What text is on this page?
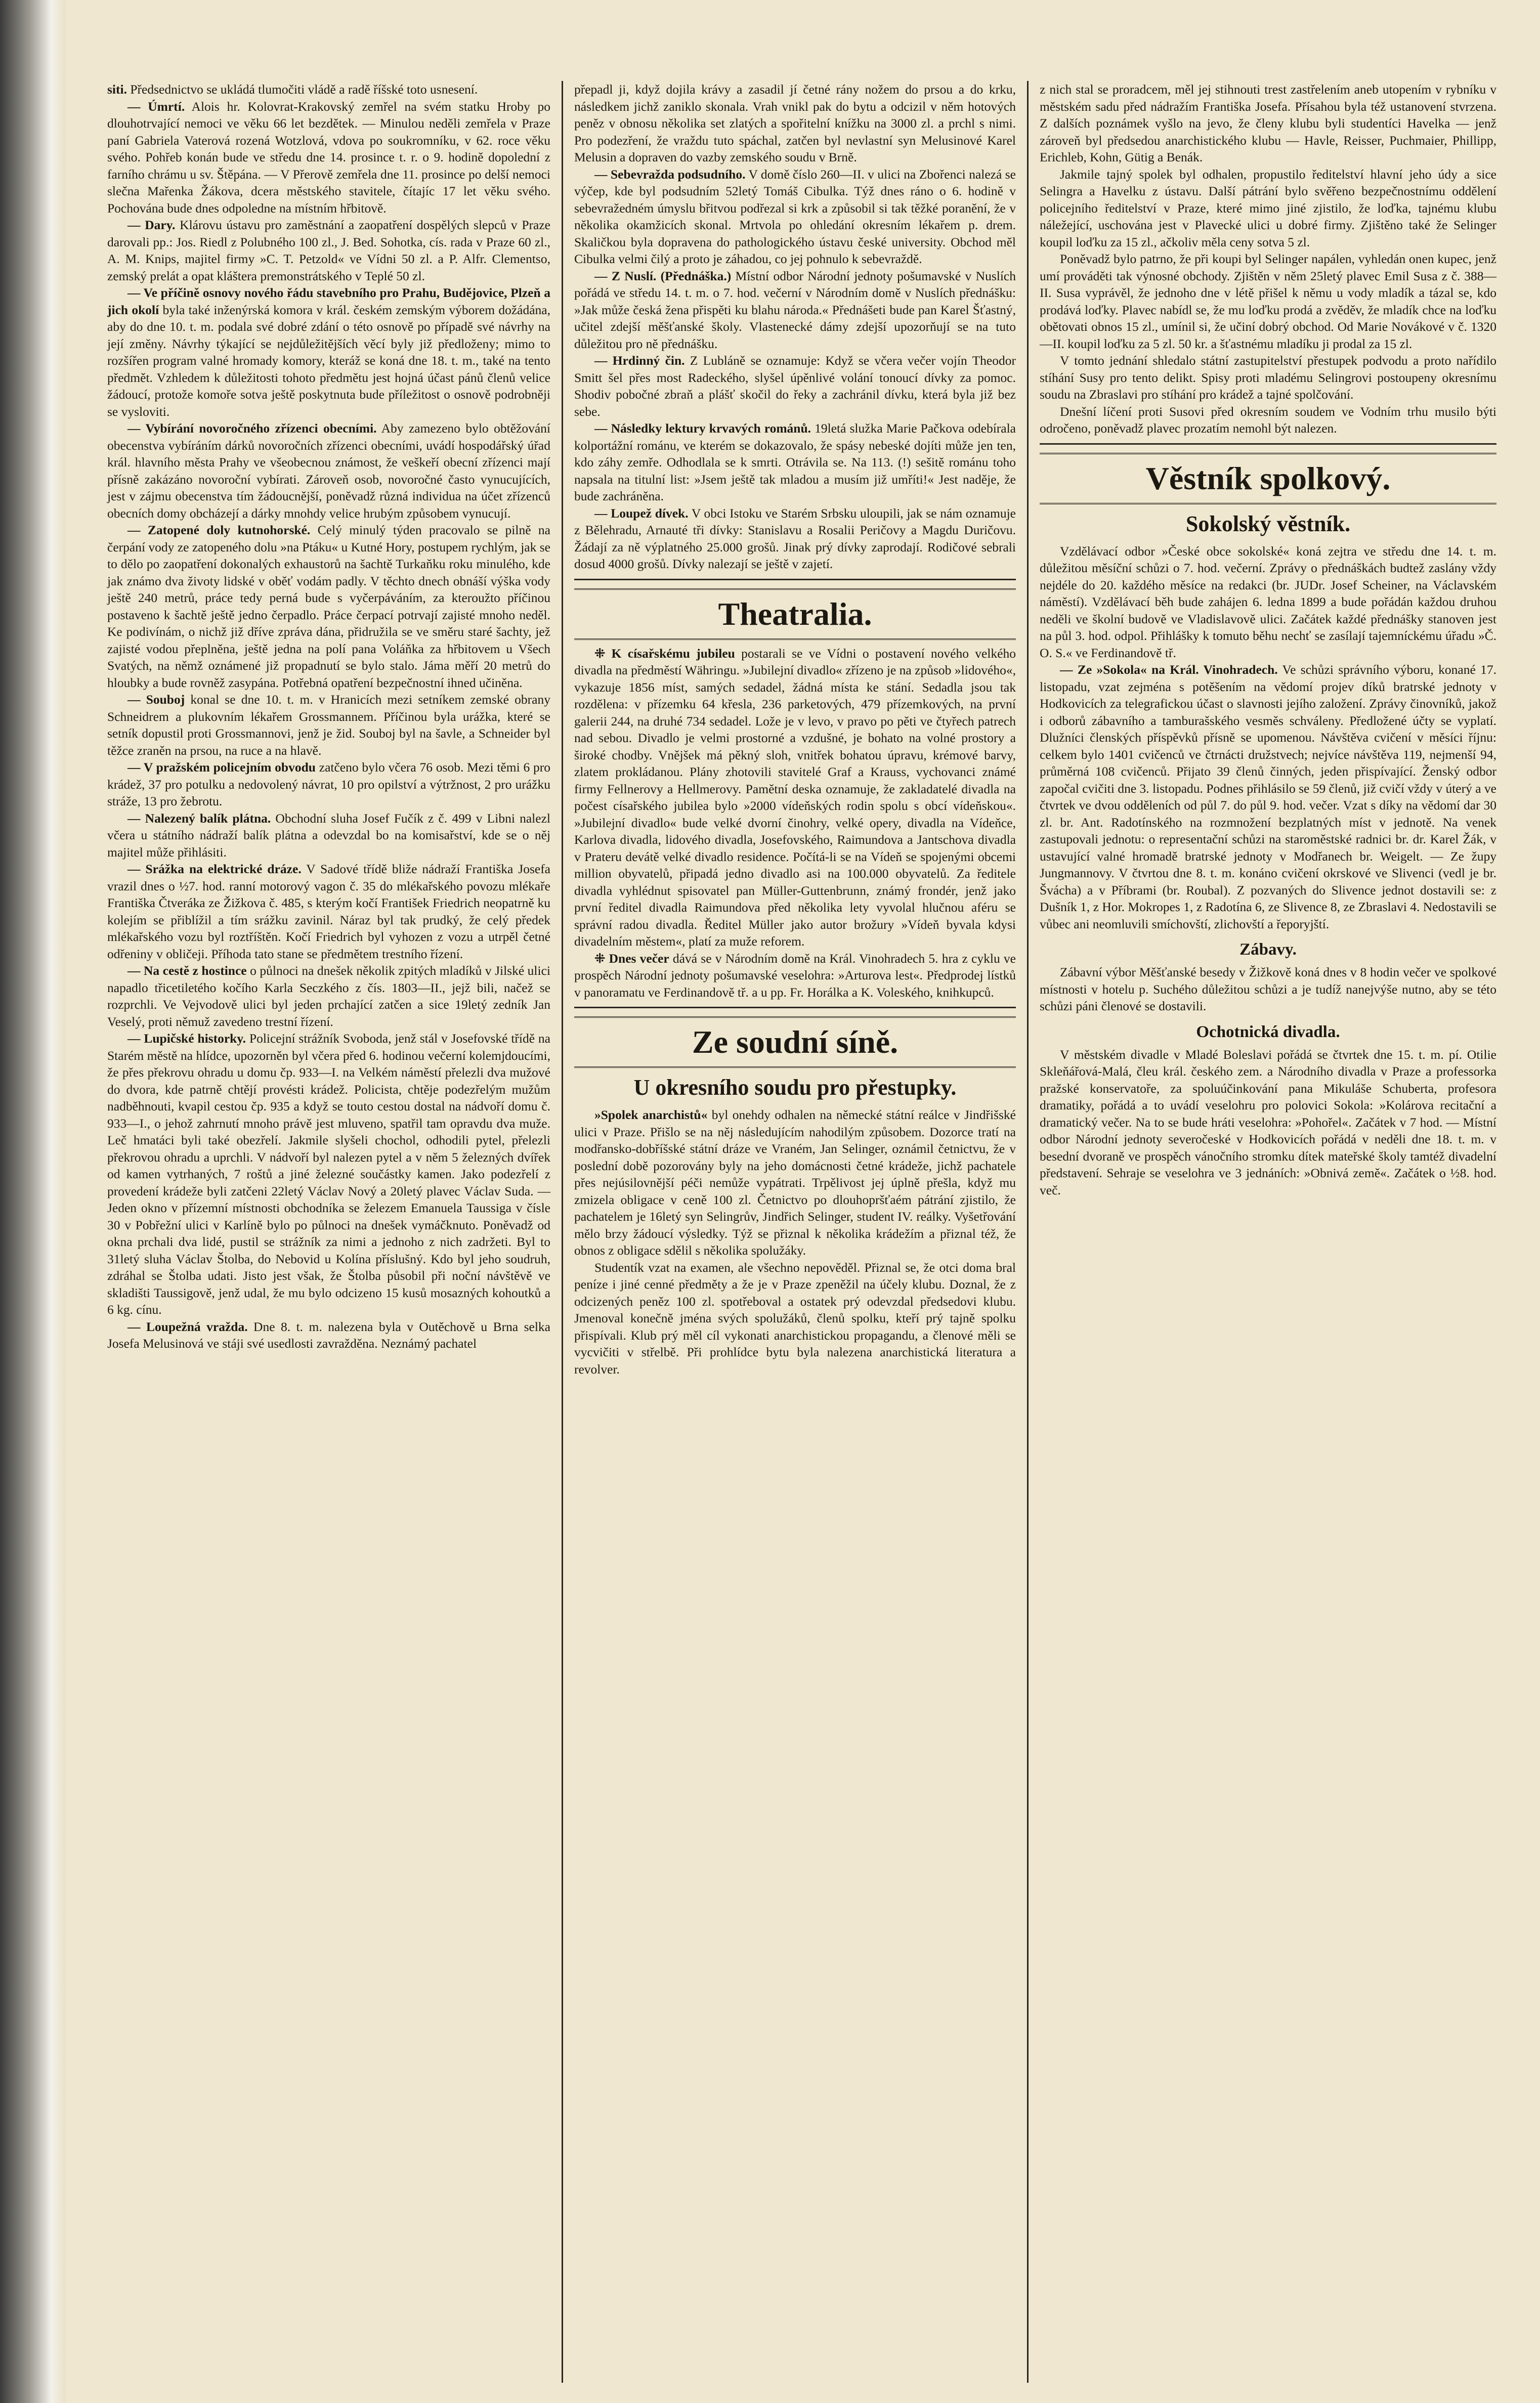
siti. Předsednictvo se ukládá tlumočiti vládě a radě říšské toto usnesení.

— Úmrtí. Alois hr. Kolovrat-Krakovský zemřel na svém statku Hroby po dlouhotrvající nemoci ve věku 66 let bezdětek. — Minulou neděli zemřela v Praze paní Gabriela Vaterová rozená Wotzlová, vdova po soukromníku, v 62. roce věku svého. Pohřeb konán bude ve středu dne 14. prosince t. r. o 9. hodině dopolední z farního chrámu u sv. Štěpána. — V Přerově zemřela dne 11. prosince po delší nemoci slečna Mařenka Žákova, dcera městského stavitele, čítajíc 17 let věku svého. Pochována bude dnes odpoledne na místním hřbitově.

— Dary. Klárovu ústavu pro zaměstnání a zaopatření dospělých slepců v Praze darovali pp.: Jos. Riedl z Polubného 100 zl., J. Bed. Sohotka, cís. rada v Praze 60 zl., A. M. Knips, majitel firmy »C. T. Petzold« ve Vídni 50 zl. a P. Alfr. Clementso, zemský prelát a opat kláštera premonstrátského v Teplé 50 zl.

— Ve příčině osnovy nového řádu stavebního pro Prahu, Budějovice, Plzeň a jich okolí byla také inženýrská komora v král. českém zemským výborem dožádána, aby do dne 10. t. m. podala své dobré zdání o této osnově po případě své návrhy na její změny. Návrhy týkající se nejdůležitějších věcí byly již předloženy; mimo to rozšířen program valné hromady komory, kteráž se koná dne 18. t. m., také na tento předmět. Vzhledem k důležitosti tohoto předmětu jest hojná účast pánů členů velice žádoucí, protože komoře sotva ještě poskytnuta bude příležitost o osnově podrobněji se vysloviti.

— Vybírání novoročného zřízenci obecními. Aby zamezeno bylo obtěžování obecenstva vybíráním dárků novoročních zřízenci obecními, uvádí hospodářský úřad král. hlavního města Prahy ve všeobecnou známost, že veškeří obecní zřízenci mají přísně zakázáno novoroční vybírati. Zároveň osob, novoročné často vynucujících, jest v zájmu obecenstva tím žádoucnější, poněvadž různá individua na účet zřízenců obecních domy obcházejí a dárky mnohdy velice hrubým způsobem vynucují.

— Zatopené doly kutnohorské. Celý minulý týden pracovalo se pilně na čerpání vody ze zatopeného dolu »na Ptáku« u Kutné Hory, postupem rychlým, jak se to dělo po zaopatření dokonalých exhaustorů na šachtě Turkaňku roku minulého, kde jak známo dva životy lidské v oběť vodám padly. V těchto dnech obnáší výška vody ještě 240 metrů, práce tedy perná bude s vyčerpáváním, za kteroužto příčinou postaveno k šachtě ještě jedno čerpadlo. Práce čerpací potrvají zajisté mnoho neděl. Ke podivínám, o nichž již dříve zpráva dána, přidružila se ve směru staré šachty, jež zajisté vodou přeplněna, ještě jedna na polí pana Voláňka za hřbitovem u Všech Svatých, na němž oznámené již propadnutí se bylo stalo. Jáma měří 20 metrů do hloubky a bude rovněž zasypána. Potřebná opatření bezpečnostní ihned učiněna.

— Souboj konal se dne 10. t. m. v Hranicích mezi setníkem zemské obrany Schneidrem a plukovním lékařem Grossmannem. Příčinou byla urážka, které se setník dopustil proti Grossmannovi, jenž je žid. Souboj byl na šavle, a Schneider byl těžce zraněn na prsou, na ruce a na hlavě.

— V pražském policejním obvodu zatčeno bylo včera 76 osob. Mezi těmi 6 pro krádež, 37 pro potulku a nedovolený návrat, 10 pro opilství a výtržnost, 2 pro urážku stráže, 13 pro žebrotu.

— Nalezený balík plátna. Obchodní sluha Josef Fučík z č. 499 v Libni nalezl včera u státního nádraží balík plátna a odevzdal bo na komisařství, kde se o něj majitel může přihlásiti.

— Srážka na elektrické dráze. V Sadové třídě bliže nádraží Františka Josefa vrazil dnes o ½7. hod. ranní motorový vagon č. 35 do mlékařského povozu mlékaře Františka Čtveráka ze Žižkova č. 485, s kterým kočí František Friedrich neopatrně ku kolejím se přiblížil a tím srážku zavinil. Náraz byl tak prudký, že celý předek mlékařského vozu byl roztříštěn. Kočí Friedrich byl vyhozen z vozu a utrpěl četné odřeniny v obličeji. Příhoda tato stane se předmětem trestního řízení.

— Na cestě z hostince o půlnoci na dnešek několik zpitých mladíků v Jilské ulici napadlo třicetiletého kočího Karla Seczkého z čís. 1803—II., jejž bili, načež se rozprchli. Ve Vejvodově ulici byl jeden prchající zatčen a sice 19letý zedník Jan Veselý, proti němuž zavedeno trestní řízení.

— Lupičské historky. Policejní strážník Svoboda, jenž stál v Josefovské třídě na Starém městě na hlídce, upozorněn byl včera před 6. hodinou večerní kolemjdoucími, že přes překrovu ohradu u domu čp. 933—I. na Velkém náměstí přelezli dva mužové do dvora, kde patrně chtějí provésti krádež. Policista, chtěje podezřelým mužům nadběhnouti, kvapil cestou čp. 935 a když se touto cestou dostal na nádvoří domu č. 933—I., o jehož zahrnutí mnoho právě jest mluveno, spatřil tam opravdu dva muže. Leč hmatáci byli také obezřelí. Jakmile slyšeli chochol, odhodili pytel, přelezli překrovou ohradu a uprchli. V nádvoří byl nalezen pytel a v něm 5 železných dvířek od kamen vytrhaných, 7 roštů a jiné železné součástky kamen. Jako podezřelí z provedení krádeže byli zatčeni 22letý Václav Nový a 20letý plavec Václav Suda. — Jeden okno v přízemní místnosti obchodníka se železem Emanuela Taussiga v čísle 30 v Pobřežní ulici v Karlíně bylo po půlnoci na dnešek vymáčknuto. Poněvadž od okna prchali dva lidé, pustil se strážník za nimi a jednoho z nich zadržeti. Byl to 31letý sluha Václav Štolba, do Nebovid u Kolína příslušný. Kdo byl jeho soudruh, zdráhal se Štolba udati. Jisto jest však, že Štolba působil při noční návštěvě ve skladišti Taussigově, jenž udal, že mu bylo odcizeno 15 kusů mosazných kohoutků a 6 kg. cínu.

— Loupežná vražda. Dne 8. t. m. nalezena byla v Outěchově u Brna selka Josefa Melusinová ve stáji své usedlosti zavražděna. Neznámý pachatel

přepadl ji, když dojila krávy a zasadil jí četné rány nožem do prsou a do krku, následkem jichž zaniklo skonala. Vrah vnikl pak do bytu a odcizil v něm hotových peněz v obnosu několika set zlatých a spořitelní knížku na 3000 zl. a prchl s nimi. Pro podezření, že vraždu tuto spáchal, zatčen byl nevlastní syn Melusinové Karel Melusin a dopraven do vazby zemského soudu v Brně.

— Sebevražda podsudního. V domě číslo 260—II. v ulici na Zbořenci nalezá se výčep, kde byl podsudním 52letý Tomáš Cibulka. Týž dnes ráno o 6. hodině v sebevražedném úmyslu břitvou podřezal si krk a způsobil si tak těžké poranění, že v několika okamžicích skonal. Mrtvola po ohledání okresním lékařem p. drem. Skaličkou byla dopravena do pathologického ústavu české university. Obchod měl Cibulka velmi čilý a proto je záhadou, co jej pohnulo k sebevraždě.

— Z Nuslí. (Přednáška.) Místní odbor Národní jednoty pošumavské v Nuslích pořádá ve středu 14. t. m. o 7. hod. večerní v Národním domě v Nuslích přednášku: »Jak může česká žena přispěti ku blahu národa.« Přednášeti bude pan Karel Šťastný, učitel zdejší měšťanské školy. Vlastenecké dámy zdejší upozorňují se na tuto důležitou pro ně přednášku.

— Hrdinný čin. Z Lubláně se oznamuje: Když se včera večer vojín Theodor Smitt šel přes most Radeckého, slyšel úpěnlivé volání tonoucí dívky za pomoc. Shodiv pobočné zbraň a plášť skočil do řeky a zachránil dívku, která byla již bez sebe.

— Následky lektury krvavých románů. 19letá služka Marie Pačkova odebírala kolportážní románu, ve kterém se dokazovalo, že spásy nebeské dojíti může jen ten, kdo záhy zemře. Odhodlala se k smrti. Otrávila se. Na 113. (!) sešitě románu toho napsala na titulní list: »Jsem ještě tak mladou a musím již umříti!« Jest naděje, že bude zachráněna.

— Loupež dívek. V obci Istoku ve Starém Srbsku uloupili, jak se nám oznamuje z Bělehradu, Arnauté tři dívky: Stanislavu a Rosalii Peričovy a Magdu Duričovu. Žádají za ně výplatného 25.000 grošů. Jinak prý dívky zaprodají. Rodičové sebrali dosud 4000 grošů. Dívky nalezají se ještě v zajetí.

Theatralia.

⁜ K císařskému jubileu postarali se ve Vídni o postavení nového velkého divadla na předměstí Währingu. »Jubilejní divadlo« zřízeno je na způsob »lidového«, vykazuje 1856 míst, samých sedadel, žádná místa ke stání. Sedadla jsou tak rozdělena: v přízemku 64 křesla, 236 parketových, 479 přízemkových, na první galerii 244, na druhé 734 sedadel. Lože je v levo, v pravo po pěti ve čtyřech patrech nad sebou. Divadlo je velmi prostorné a vzdušné, je bohato na volné prostory a široké chodby. Vnějšek má pěkný sloh, vnitřek bohatou úpravu, krémové barvy, zlatem prokládanou. Plány zhotovili stavitelé Graf a Krauss, vychovanci známé firmy Fellnerovy a Hellmerovy. Pamětní deska oznamuje, že zakladatelé divadla na počest císařského jubilea bylo »2000 vídeňských rodin spolu s obcí vídeňskou«. »Jubilejní divadlo« bude velké dvorní činohry, velké opery, divadla na Vídeňce, Karlova divadla, lidového divadla, Josefovského, Raimundova a Jantschova divadla v Prateru devátě velké divadlo residence. Počítá-li se na Vídeň se spojenými obcemi million obyvatelů, připadá jedno divadlo asi na 100.000 obyvatelů. Za ředitele divadla vyhlédnut spisovatel pan Müller-Guttenbrunn, známý frondér, jenž jako první ředitel divadla Raimundova před několika lety vyvolal hlučnou aféru se správní radou divadla. Ředitel Müller jako autor brožury »Vídeň byvala kdysi divadelním městem«, platí za muže reforem.

⁜ Dnes večer dává se v Národním domě na Král. Vinohradech 5. hra z cyklu ve prospěch Národní jednoty pošumavské veselohra: »Arturova lest«. Předprodej lístků v panoramatu ve Ferdinandově tř. a u pp. Fr. Horálka a K. Voleského, knihkupců.

Ze soudní síně.
U okresního soudu pro přestupky.

»Spolek anarchistů« byl onehdy odhalen na německé státní reálce v Jindřišské ulici v Praze. Přišlo se na něj následujícím nahodilým způsobem. Dozorce tratí na modřansko-dobříšské státní dráze ve Vraném, Jan Selinger, oznámil četnictvu, že v poslední době pozorovány byly na jeho domácnosti četné krádeže, jichž pachatele přes nejúsilovnější péči nemůže vypátrati. Trpělivost jej úplně přešla, když mu zmizela obligace v ceně 100 zl. Četnictvo po dlouhopršťaém pátrání zjistilo, že pachatelem je 16letý syn Selingrův, Jindřich Selinger, student IV. reálky. Vyšetřování mělo brzy žádoucí výsledky. Týž se přiznal k několika krádežím a přiznal též, že obnos z obligace sdělil s několika spolužáky.

Studentík vzat na examen, ale všechno nepověděl. Přiznal se, že otci doma bral peníze i jiné cenné předměty a že je v Praze zpeněžil na účely klubu. Doznal, že z odcizených peněz 100 zl. spotřeboval a ostatek prý odevzdal předsedovi klubu. Jmenoval konečně jména svých spolužáků, členů spolku, kteří prý tajně spolku přispívali. Klub prý měl cíl vykonati anarchistickou propagandu, a členové měli se vycvičiti v střelbě. Při prohlídce bytu byla nalezena anarchistická literatura a revolver.

z nich stal se proradcem, měl jej stihnouti trest zastřelením aneb utopením v rybníku v městském sadu před nádražím Františka Josefa. Přísahou byla též ustanovení stvrzena. Z dalších poznámek vyšlo na jevo, že členy klubu byli studentíci Havelka — jenž zároveň byl předsedou anarchistického klubu — Havle, Reisser, Puchmaier, Phillipp, Erichleb, Kohn, Gütig a Benák.

Jakmile tajný spolek byl odhalen, propustilo ředitelství hlavní jeho údy a sice Selingra a Havelku z ústavu. Další pátrání bylo svěřeno bezpečnostnímu oddělení policejního ředitelství v Praze, které mimo jiné zjistilo, že loďka, tajnému klubu náležející, uschována jest v Plavecké ulici u dobré firmy. Zjištěno také že Selinger koupil loďku za 15 zl., ačkoliv měla ceny sotva 5 zl.

Poněvadž bylo patrno, že při koupi byl Selinger napálen, vyhledán onen kupec, jenž umí prováděti tak výnosné obchody. Zjištěn v něm 25letý plavec Emil Susa z č. 388—II. Susa vyprávěl, že jednoho dne v létě přišel k němu u vody mladík a tázal se, kdo prodává loďky. Plavec nabídl se, že mu loďku prodá a zvěděv, že mladík chce na loďku obětovati obnos 15 zl., umínil si, že učiní dobrý obchod. Od Marie Novákové v č. 1320—II. koupil loďku za 5 zl. 50 kr. a šťastnému mladíku ji prodal za 15 zl.

V tomto jednání shledalo státní zastupitelství přestupek podvodu a proto nařídilo stíhání Susy pro tento delikt. Spisy proti mladému Selingrovi postoupeny okresnímu soudu na Zbraslavi pro stíhání pro krádež a tajné spolčování.

Dnešní líčení proti Susovi před okresním soudem ve Vodním trhu musilo býti odročeno, poněvadž plavec prozatím nemohl být nalezen.

Věstník spolkový.
Sokolský věstník.

Vzdělávací odbor »České obce sokolské« koná zejtra ve středu dne 14. t. m. důležitou měsíční schůzi o 7. hod. večerní. Zprávy o přednáškách budtež zaslány vždy nejdéle do 20. každého měsíce na redakci (br. JUDr. Josef Scheiner, na Václavském náměstí). Vzdělávací běh bude zahájen 6. ledna 1899 a bude pořádán každou druhou neděli ve školní budově ve Vladislavově ulici. Začátek každé přednášky stanoven jest na půl 3. hod. odpol. Přihlášky k tomuto běhu nechť se zasílají tajemníckému úřadu »Č. O. S.« ve Ferdinandově tř.

— Ze »Sokola« na Král. Vinohradech. Ve schůzi správního výboru, konané 17. listopadu, vzat zejména s potěšením na vědomí projev díků bratrské jednoty v Hodkovicích za telegrafickou účast o slavnosti jejího založení. Zprávy činovníků, jakož i odborů zábavního a tamburašského vesměs schváleny. Předložené účty se vyplatí. Dlužníci členských příspěvků přísně se upomenou. Návštěva cvičení v měsíci říjnu: celkem bylo 1401 cvičenců ve čtrnácti družstvech; nejvíce návštěva 119, nejmenší 94, průměrná 108 cvičenců. Přijato 39 členů činných, jeden přispívající. Ženský odbor započal cvičiti dne 3. listopadu. Podnes přihlásilo se 59 členů, již cvičí vždy v úterý a ve čtvrtek ve dvou odděleních od půl 7. do půl 9. hod. večer. Vzat s díky na vědomí dar 30 zl. br. Ant. Radotínského na rozmnožení bezplatných míst v jednotě. Na venek zastupovali jednotu: o representační schůzi na staroměstské radnici br. dr. Karel Žák, v ustavující valné hromadě bratrské jednoty v Modřanech br. Weigelt. — Ze župy Jungmannovy. V čtvrtou dne 8. t. m. konáno cvičení okrskové ve Slivenci (vedl je br. Švácha) a v Příbrami (br. Roubal). Z pozvaných do Slivence jednot dostavili se: z Dušník 1, z Hor. Mokropes 1, z Radotína 6, ze Slivence 8, ze Zbraslavi 4. Nedostavili se vůbec ani neomluvili smíchovští, zlichovští a řeporyjští.

Zábavy.

Zábavní výbor Měšťanské besedy v Žižkově koná dnes v 8 hodin večer ve spolkové místnosti v hotelu p. Suchého důležitou schůzi a je tudíž nanejvýše nutno, aby se této schůzi páni členové se dostavili.

Ochotnická divadla.

V městském divadle v Mladé Boleslavi pořádá se čtvrtek dne 15. t. m. pí. Otilie Skleňářová-Malá, čleu král. českého zem. a Národního divadla v Praze a professorka pražské konservatoře, za spoluúčinkování pana Mikuláše Schuberta, profesora dramatiky, pořádá a to uvádí veselohru pro polovici Sokola: »Kolárova recitační a dramatický večer. Na to se bude hráti veselohra: »Pohořel«. Začátek v 7 hod. — Místní odbor Národní jednoty severočeské v Hodkovicích pořádá v neděli dne 18. t. m. v besední dvoraně ve prospěch vánočního stromku dítek mateřské školy tamtéž divadelní představení. Sehraje se veselohra ve 3 jednáních: »Obnivá země«. Začátek o ½8. hod. več.
